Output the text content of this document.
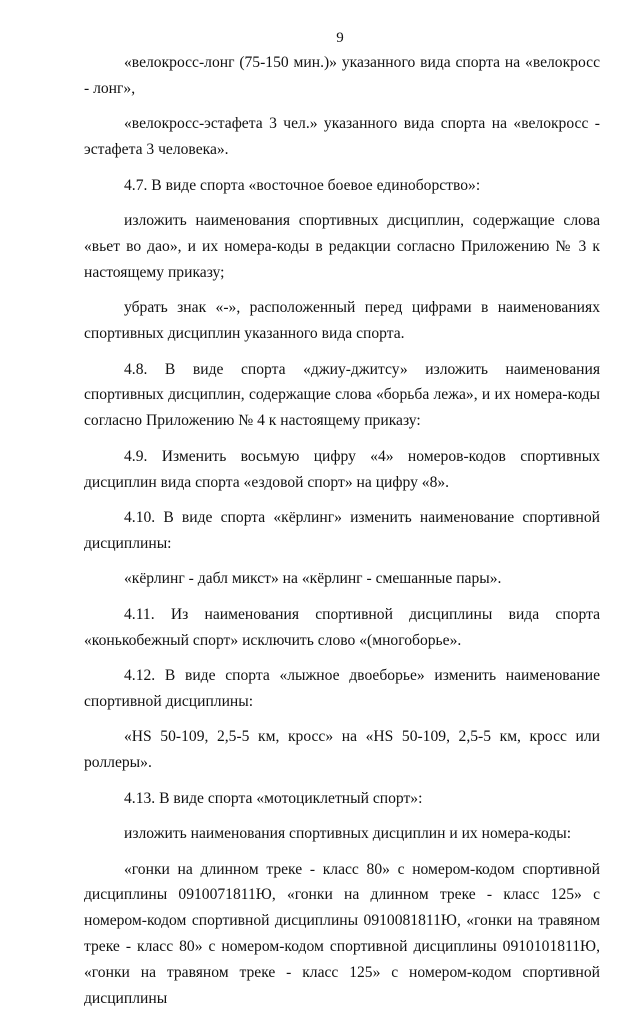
9

«велокросс-лонг (75-150 мин.)» указанного вида спорта на «велокросс - лонг»,

«велокросс-эстафета 3 чел.» указанного вида спорта на «велокросс - эстафета 3 человека».

4.7. В виде спорта «восточное боевое единоборство»:

изложить наименования спортивных дисциплин, содержащие слова «вьет во дао», и их номера-коды в редакции согласно Приложению № 3 к настоящему приказу;

убрать знак «-», расположенный перед цифрами в наименованиях спортивных дисциплин указанного вида спорта.

4.8. В виде спорта «джиу-джитсу» изложить наименования спортивных дисциплин, содержащие слова «борьба лежа», и их номера-коды согласно Приложению № 4 к настоящему приказу:

4.9. Изменить восьмую цифру «4» номеров-кодов спортивных дисциплин вида спорта «ездовой спорт» на цифру «8».

4.10. В виде спорта «кёрлинг» изменить наименование спортивной дисциплины:

«кёрлинг - дабл микст» на «кёрлинг - смешанные пары».

4.11. Из наименования спортивной дисциплины вида спорта «конькобежный спорт» исключить слово «(многоборье».

4.12. В виде спорта «лыжное двоеборье» изменить наименование спортивной дисциплины:

«HS 50-109, 2,5-5 км, кросс» на «HS 50-109, 2,5-5 км, кросс или роллеры».

4.13. В виде спорта «мотоциклетный спорт»:

изложить наименования спортивных дисциплин и их номера-коды:

«гонки на длинном треке - класс 80» с номером-кодом спортивной дисциплины 0910071811Ю, «гонки на длинном треке - класс 125» с номером-кодом спортивной дисциплины 0910081811Ю, «гонки на травяном треке - класс 80» с номером-кодом спортивной дисциплины 0910101811Ю, «гонки на травяном треке - класс 125» с номером-кодом спортивной дисциплины
